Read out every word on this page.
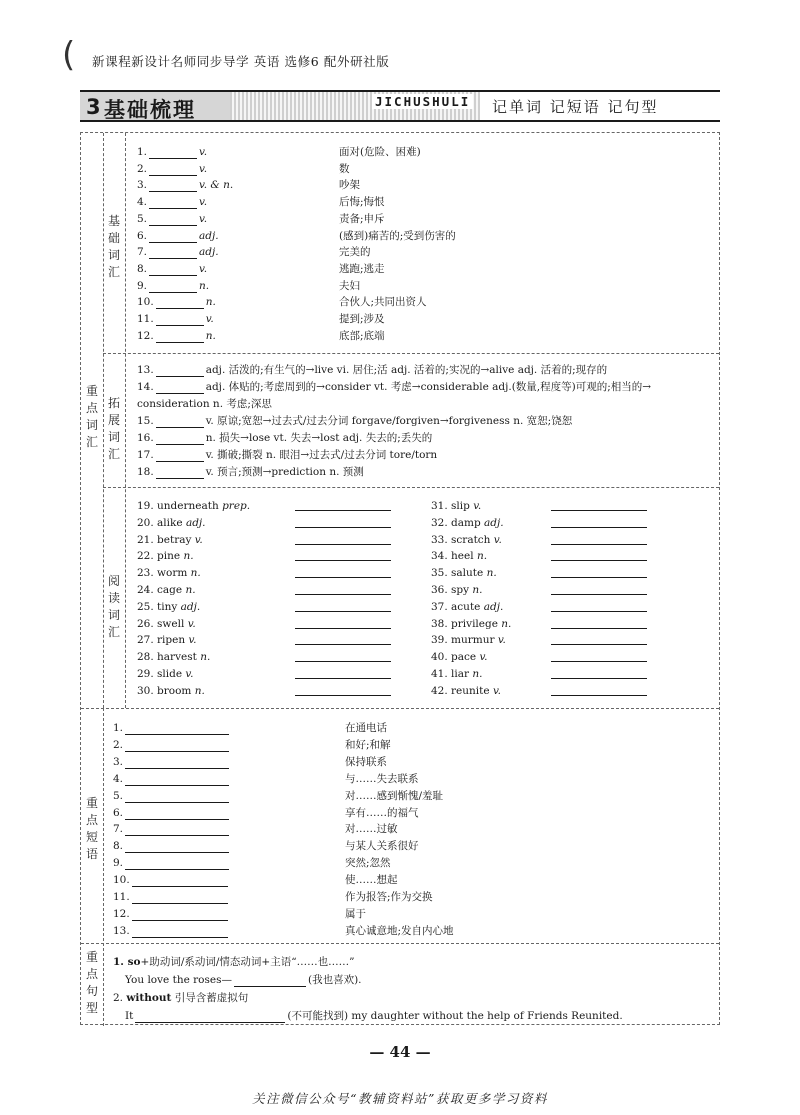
( 新课程新设计名师同步导学 英语 选修6 配外研社版
3 基础梳理	JICHUSHULI 记单词 记短语 记句型
重点词汇
基础词汇
拓展词汇
阅读词汇
重点短语
重点句型
1.	v.	面对(危险、困难)
2.	v.	数
3.	v. & n.	吵架
4.	v.	后悔;悔恨
5.	v.	责备;申斥
6.	adj.	(感到)痛苦的;受到伤害的
7.	adj.	完美的
8.	v.	逃跑;逃走
9.	n.	夫妇
10.	n.	合伙人;共同出资人
11.	v.	提到;涉及
12.	n.	底部;底端
13.	adj. 活泼的;有生气的→live vi. 居住;活 adj. 活着的;实况的→alive adj. 活着的;现存的
14.	adj. 体贴的;考虑周到的→consider vt. 考虑→considerable adj.(数量,程度等)可观的;相当的→
consideration n. 考虑;深思
15.	v. 原谅;宽恕→过去式/过去分词 forgave/forgiven→forgiveness n. 宽恕;饶恕
16.	n. 损失→lose vt. 失去→lost adj. 失去的;丢失的
17.	v. 撕破;撕裂 n. 眼泪→过去式/过去分词 tore/torn
18.	v. 预言;预测→prediction n. 预测
19. underneath prep.
20. alike adj.
21. betray v.
22. pine n.
23. worm n.
24. cage n.
25. tiny adj.
26. swell v.
27. ripen v.
28. harvest n.
29. slide v.
30. broom n.
31. slip v.
32. damp adj.
33. scratch v.
34. heel n.
35. salute n.
36. spy n.
37. acute adj.
38. privilege n.
39. murmur v.
40. pace v.
41. liar n.
42. reunite v.
1.	在通电话
2.	和好;和解
3.	保持联系
4.	与……失去联系
5.	对……感到惭愧/羞耻
6.	享有……的福气
7.	对……过敏
8.	与某人关系很好
9.	突然;忽然
10.	使……想起
11.	作为报答;作为交换
12.	属于
13.	真心诚意地;发自内心地
1. so+助动词/系动词/情态动词+主语“……也……”
You love the roses—	(我也喜欢).
2. without 引导含蓄虚拟句
It	(不可能找到) my daughter without the help of Friends Reunited.
— 44 —
关注微信公众号“教辅资料站”获取更多学习资料
